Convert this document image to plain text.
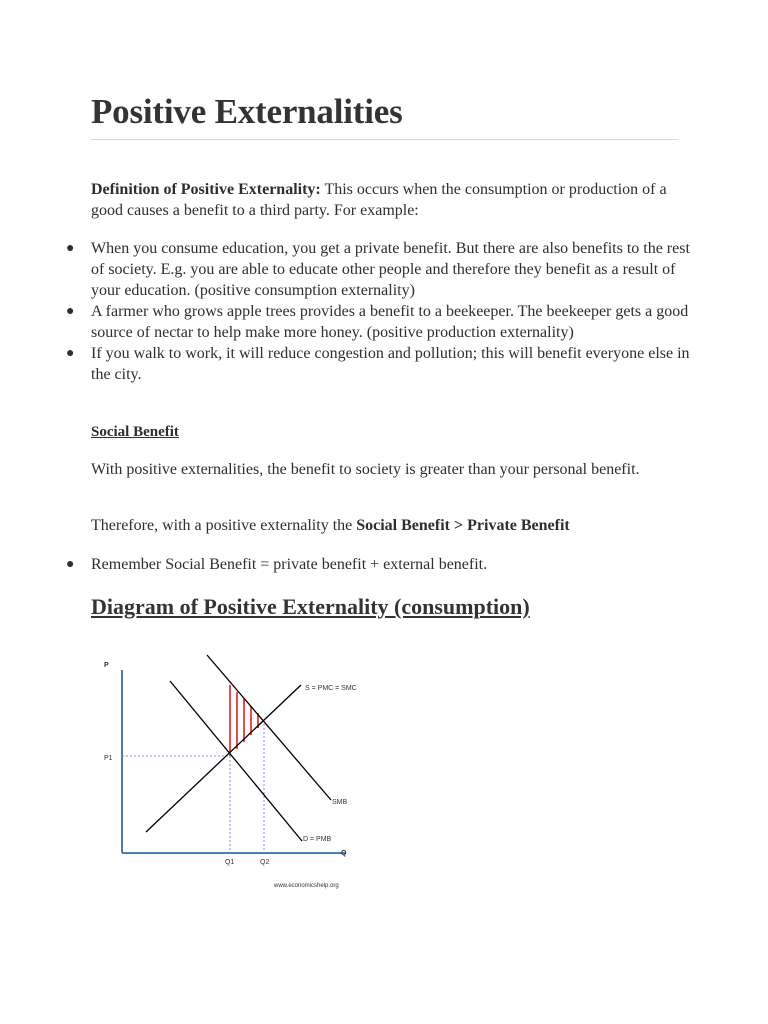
Positive Externalities

Definition of Positive Externality: This occurs when the consumption or production of a good causes a benefit to a third party. For example:

● When you consume education, you get a private benefit. But there are also benefits to the rest of society. E.g. you are able to educate other people and therefore they benefit as a result of your education. (positive consumption externality)
● A farmer who grows apple trees provides a benefit to a beekeeper. The beekeeper gets a good source of nectar to help make more honey. (positive production externality)
● If you walk to work, it will reduce congestion and pollution; this will benefit everyone else in the city.

Social Benefit

With positive externalities, the benefit to society is greater than your personal benefit.

Therefore, with a positive externality the Social Benefit > Private Benefit

● Remember Social Benefit = private benefit + external benefit.
Diagram of Positive Externality (consumption)
P
Q
P1
Q1	Q2
S = PMC = SMC
SMB
D = PMB
www.economicshelp.org
